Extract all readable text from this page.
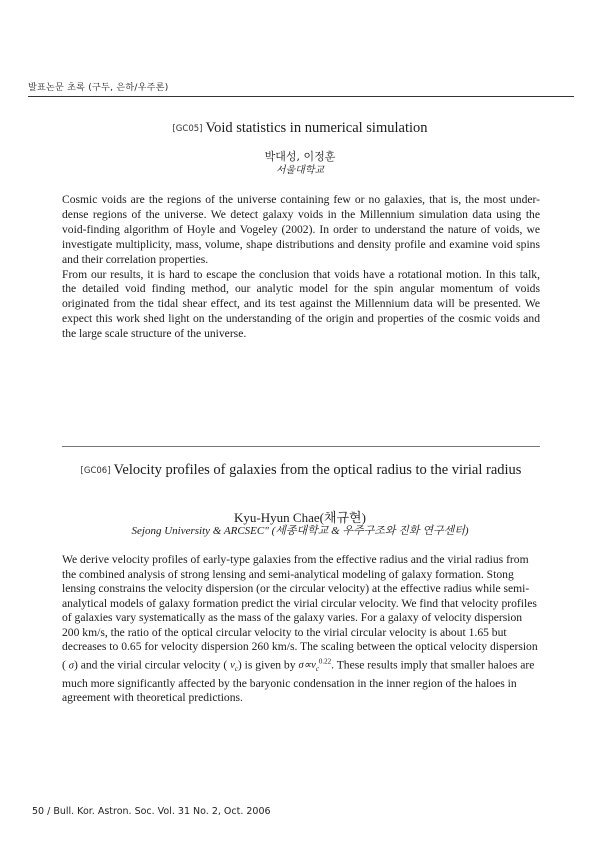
발표논문 초록 (구두, 은하/우주론)
[GC05] Void statistics in numerical simulation
박대성, 이정훈
서울대학교

Cosmic voids are the regions of the universe containing few or no galaxies, that is, the most under-dense regions of the universe. We detect galaxy voids in the Millennium simulation data using the void-finding algorithm of Hoyle and Vogeley (2002). In order to understand the nature of voids, we investigate multiplicity, mass, volume, shape distributions and density profile and examine void spins and their correlation properties.

From our results, it is hard to escape the conclusion that voids have a rotational motion. In this talk, the detailed void finding method, our analytic model for the spin angular momentum of voids originated from the tidal shear effect, and its test against the Millennium data will be presented. We expect this work shed light on the understanding of the origin and properties of the cosmic voids and the large scale structure of the universe.

[GC06] Velocity profiles of galaxies from the optical radius to the virial radius
Kyu-Hyun Chae(채규현)
Sejong University & ARCSEC" (세종대학교 & 우주구조와 진화 연구센터)

We derive velocity profiles of early-type galaxies from the effective radius and the virial radius from the combined analysis of strong lensing and semi-analytical modeling of galaxy formation. Stong lensing constrains the velocity dispersion (or the circular velocity) at the effective radius while semi-analytical models of galaxy formation predict the virial circular velocity. We find that velocity profiles of galaxies vary systematically as the mass of the galaxy varies. For a galaxy of velocity dispersion 200 km/s, the ratio of the optical circular velocity to the virial circular velocity is about 1.65 but decreases to 0.65 for velocity dispersion 260 km/s. The scaling between the optical velocity dispersion ( σ) and the virial circular velocity ( $v_c$) is given by $\sigma\propto v_c^{0.22}$. These results imply that smaller haloes are much more significantly affected by the baryonic condensation in the inner region of the haloes in agreement with theoretical predictions.

50 / Bull. Kor. Astron. Soc. Vol. 31 No. 2, Oct. 2006
